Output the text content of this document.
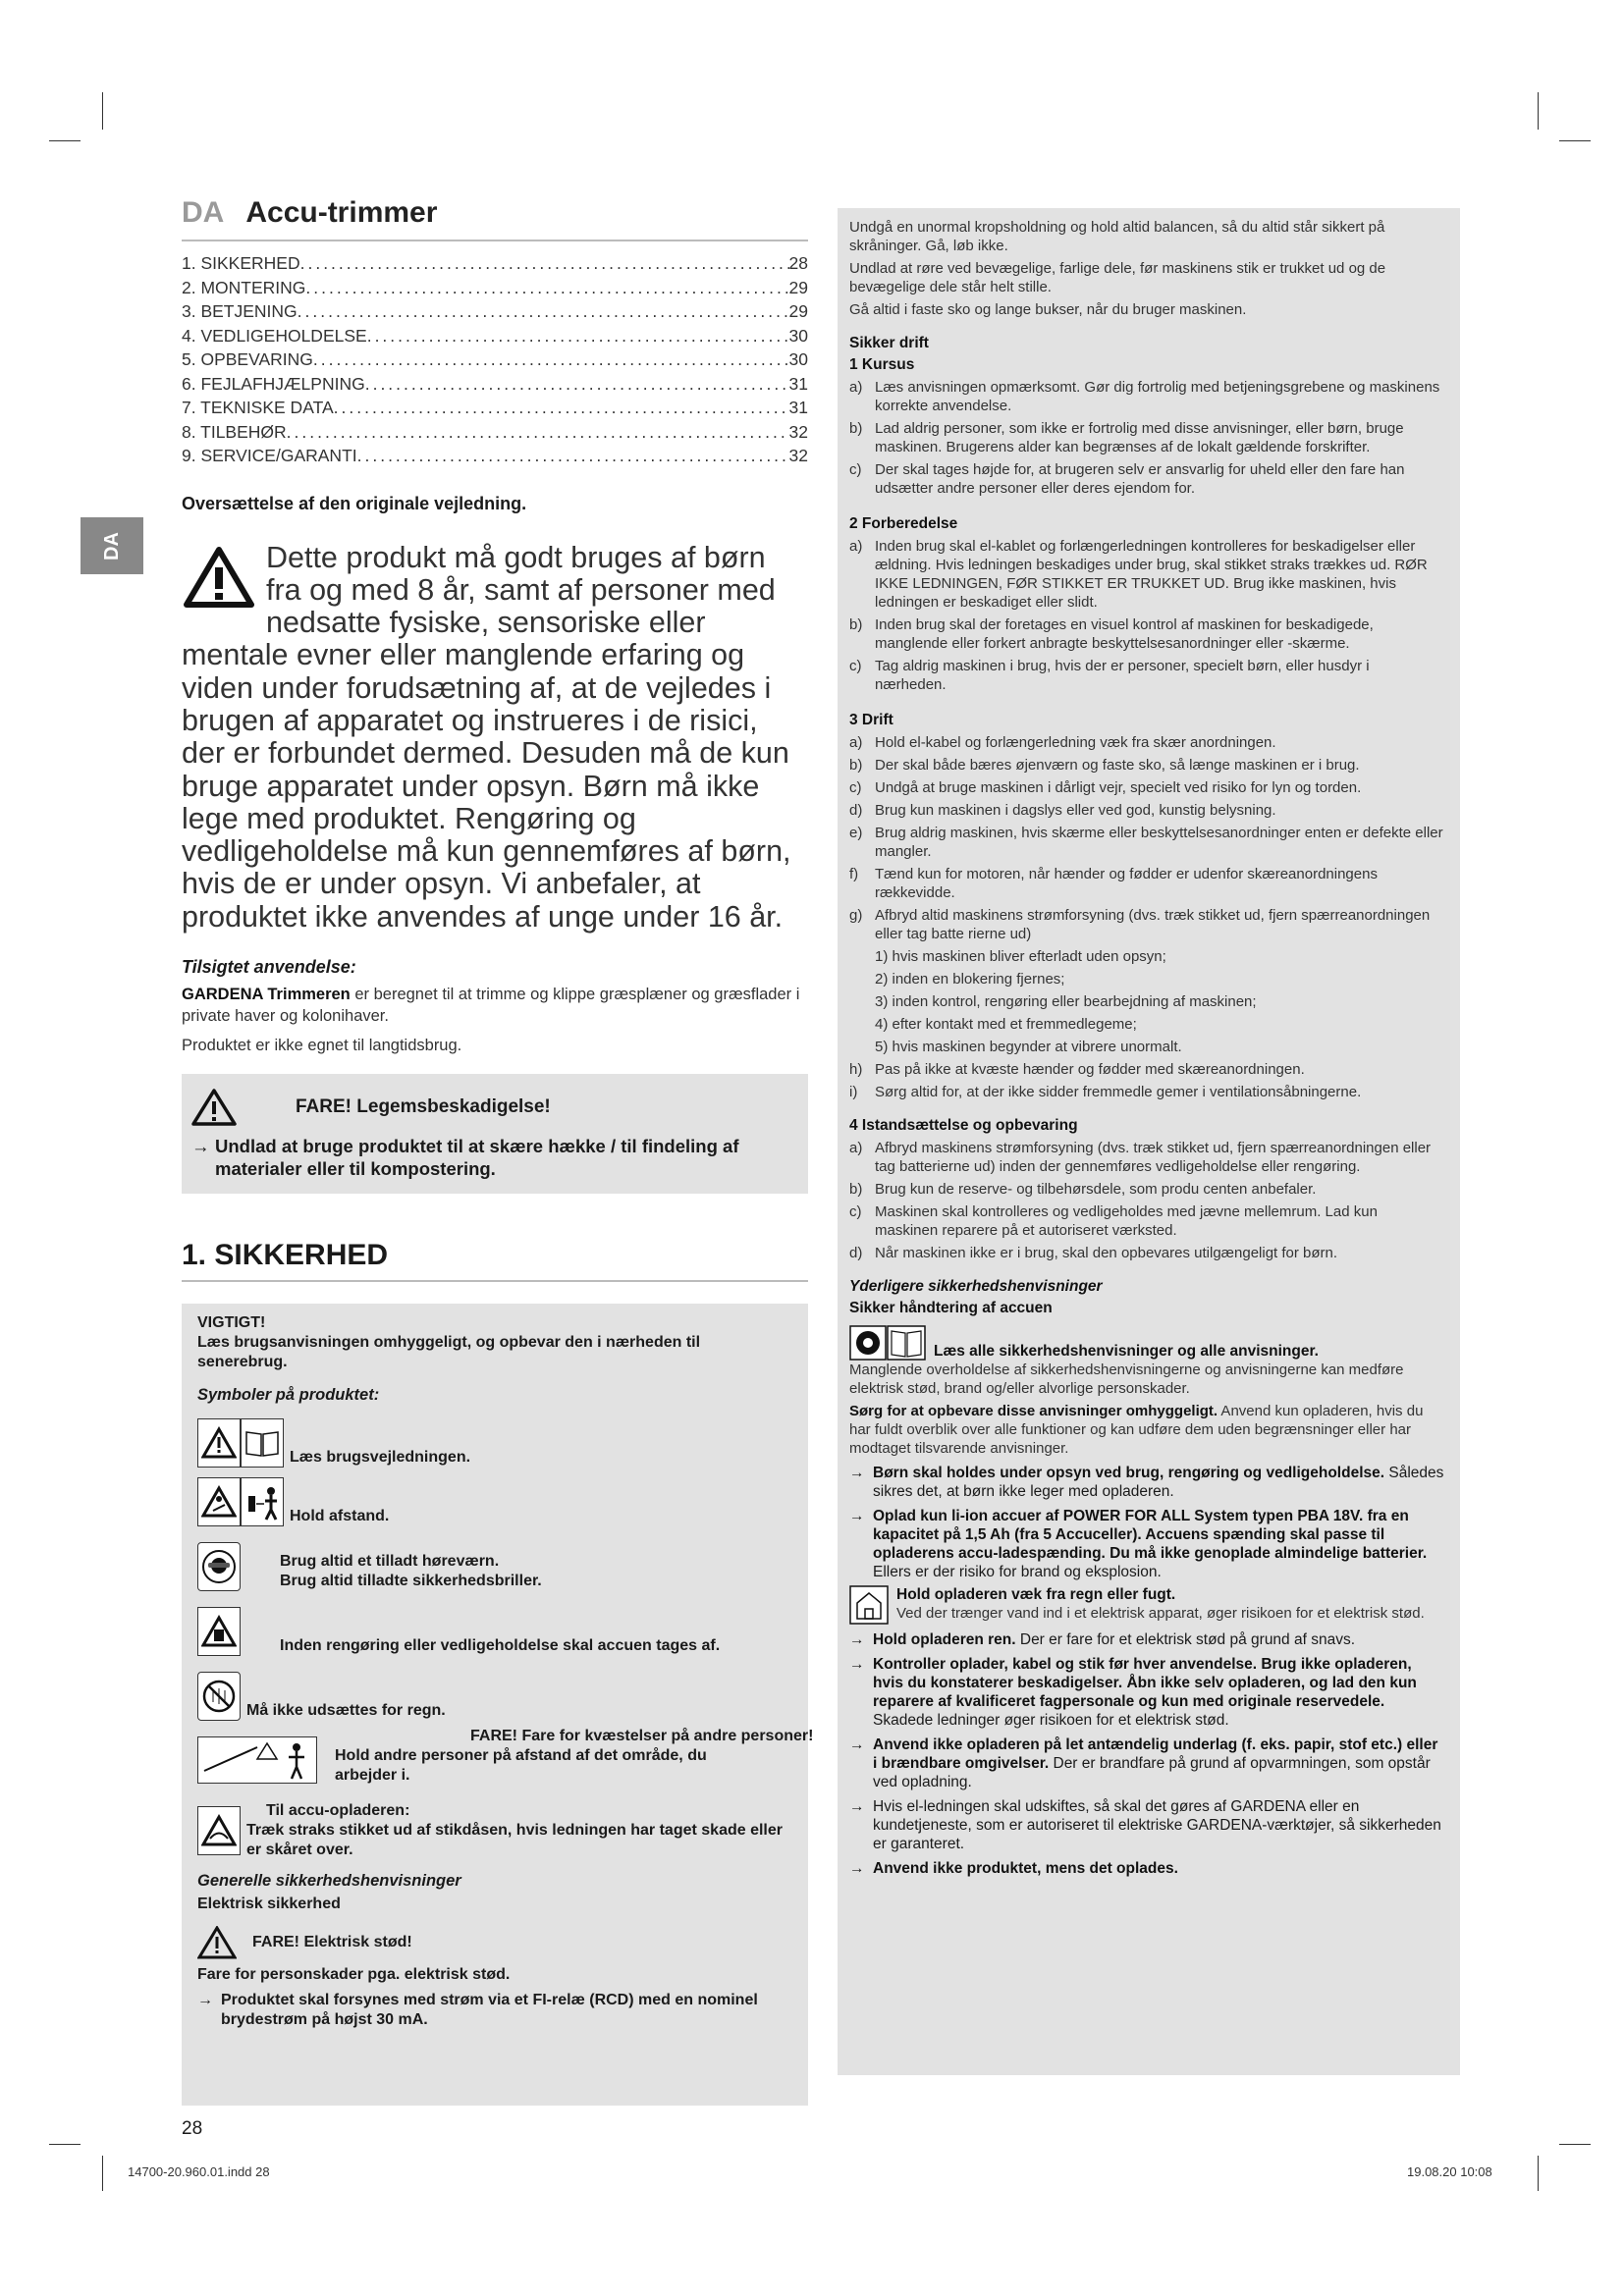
DA
DA Accu-trimmer
1. SIKKERHED .....	28
2. MONTERING .....	29
3. BETJENING .....	29
4. VEDLIGEHOLDELSE .....	30
5. OPBEVARING .....	30
6. FEJLAFHJÆLPNING .....	31
7. TEKNISKE DATA .....	31
8. TILBEHØR .....	32
9. SERVICE/GARANTI .....	32
Oversættelse af den originale vejledning.
Dette produkt må godt bruges af børn fra og med 8 år, samt af personer med nedsatte fysiske, sensoriske eller mentale evner eller manglende erfaring og viden under forudsætning af, at de vejledes i brugen af apparatet og instrueres i de risici, der er forbundet dermed. Desuden må de kun bruge apparatet under opsyn. Børn må ikke lege med produktet. Rengøring og vedligeholdelse må kun gennemføres af børn, hvis de er under opsyn. Vi anbefaler, at produktet ikke anvendes af unge under 16 år.
Tilsigtet anvendelse:
GARDENA Trimmeren er beregnet til at trimme og klippe græsplæner og græsflader i private haver og kolonihaver.
Produktet er ikke egnet til langtidsbrug.
FARE! Legemsbeskadigelse!
→ Undlad at bruge produktet til at skære hække / til findeling af materialer eller til kompostering.
1. SIKKERHED
VIGTIGT!
Læs brugsanvisningen omhyggeligt, og opbevar den i nærheden til senerebrug.
Symboler på produktet:
Læs brugsvejledningen.
Hold afstand.
Brug altid et tilladt høreværn.
Brug altid tilladte sikkerhedsbriller.
Inden rengøring eller vedligeholdelse skal accuen tages af.
Må ikke udsættes for regn.
FARE! Fare for kvæstelser på andre personer!
Hold andre personer på afstand af det område, du arbejder i.
Til accu-opladeren:
Træk straks stikket ud af stikdåsen, hvis ledningen har taget skade eller er skåret over.
Generelle sikkerhedshenvisninger
Elektrisk sikkerhed
FARE! Elektrisk stød!
Fare for personskader pga. elektrisk stød.
→ Produktet skal forsynes med strøm via et FI-relæ (RCD) med en nominel brydestrøm på højst 30 mA.
Undgå en unormal kropsholdning og hold altid balancen, så du altid står sikkert på skråninger. Gå, løb ikke.
Undlad at røre ved bevægelige, farlige dele, før maskinens stik er trukket ud og de bevægelige dele står helt stille.
Gå altid i faste sko og lange bukser, når du bruger maskinen.
Sikker drift
1 Kursus
a) Læs anvisningen opmærksomt. Gør dig fortrolig med betjeningsgrebene og maskinens korrekte anvendelse.
b) Lad aldrig personer, som ikke er fortrolig med disse anvisninger, eller børn, bruge maskinen. Brugerens alder kan begrænses af de lokalt gældende forskrifter.
c) Der skal tages højde for, at brugeren selv er ansvarlig for uheld eller den fare han udsætter andre personer eller deres ejendom for.
2 Forberedelse
a) Inden brug skal el-kablet og forlængerledningen kontrolleres for beskadigelser eller ældning. Hvis ledningen beskadiges under brug, skal stikket straks trækkes ud. RØR IKKE LEDNINGEN, FØR STIKKET ER TRUKKET UD. Brug ikke maskinen, hvis ledningen er beskadiget eller slidt.
b) Inden brug skal der foretages en visuel kontrol af maskinen for beskadigede, manglende eller forkert anbragte beskyttelsesanordninger eller -skærme.
c) Tag aldrig maskinen i brug, hvis der er personer, specielt børn, eller husdyr i nærheden.
3 Drift
a) Hold el-kabel og forlængerledning væk fra skær anordningen.
b) Der skal både bæres øjenværn og faste sko, så længe maskinen er i brug.
c) Undgå at bruge maskinen i dårligt vejr, specielt ved risiko for lyn og torden.
d) Brug kun maskinen i dagslys eller ved god, kunstig belysning.
e) Brug aldrig maskinen, hvis skærme eller beskyttelsesanordninger enten er defekte eller mangler.
f)	Tænd kun for motoren, når hænder og fødder er udenfor skæreanordningens rækkevidde.
g) Afbryd altid maskinens strømforsyning (dvs. træk stikket ud, fjern spærreanordningen eller tag batte rierne ud)
1) hvis maskinen bliver efterladt uden opsyn;
2) inden en blokering fjernes;
3) inden kontrol, rengøring eller bearbejdning af maskinen;
4) efter kontakt med et fremmedlegeme;
5) hvis maskinen begynder at vibrere unormalt.
h) Pas på ikke at kvæste hænder og fødder med skæreanordningen.
i)	Sørg altid for, at der ikke sidder fremmedle gemer i ventilationsåbningerne.
4 Istandsættelse og opbevaring
a) Afbryd maskinens strømforsyning (dvs. træk stikket ud, fjern spærreanordningen eller tag batterierne ud) inden der gennemføres vedligeholdelse eller rengøring.
b) Brug kun de reserve- og tilbehørsdele, som produ centen anbefaler.
c) Maskinen skal kontrolleres og vedligeholdes med jævne mellemrum. Lad kun maskinen reparere på et autoriseret værksted.
d) Når maskinen ikke er i brug, skal den opbevares utilgængeligt for børn.
Yderligere sikkerhedshenvisninger
Sikker håndtering af accuen
Læs alle sikkerhedshenvisninger og alle anvisninger.
Manglende overholdelse af sikkerhedshenvisningerne og anvisningerne kan medføre elektrisk stød, brand og/eller alvorlige personskader.
Sørg for at opbevare disse anvisninger omhyggeligt. Anvend kun opladeren, hvis du har fuldt overblik over alle funktioner og kan udføre dem uden begrænsninger eller har modtaget tilsvarende anvisninger.
→ Børn skal holdes under opsyn ved brug, rengøring og vedligeholdelse. Således sikres det, at børn ikke leger med opladeren.
→ Oplad kun li-ion accuer af POWER FOR ALL System typen PBA 18V. fra en kapacitet på 1,5 Ah (fra 5 Accuceller). Accuens spænding skal passe til opladerens accu-ladespænding. Du må ikke genoplade almindelige batterier. Ellers er der risiko for brand og eksplosion.
Hold opladeren væk fra regn eller fugt.
Ved der trænger vand ind i et elektrisk apparat, øger risikoen for et elektrisk stød.
→ Hold opladeren ren. Der er fare for et elektrisk stød på grund af snavs.
→ Kontroller oplader, kabel og stik før hver anvendelse. Brug ikke opladeren, hvis du konstaterer beskadigelser. Åbn ikke selv opladeren, og lad den kun reparere af kvalificeret fagpersonale og kun med originale reservedele. Skadede ledninger øger risikoen for et elektrisk stød.
→ Anvend ikke opladeren på let antændelig underlag (f. eks. papir, stof etc.) eller i brændbare omgivelser. Der er brandfare på grund af opvarmningen, som opstår ved opladning.
→ Hvis el-ledningen skal udskiftes, så skal det gøres af GARDENA eller en kundetjeneste, som er autoriseret til elektriske GARDENA-værktøjer, så sikkerheden er garanteret.
→ Anvend ikke produktet, mens det oplades.
28
14700-20.960.01.indd 28	19.08.20 10:08
